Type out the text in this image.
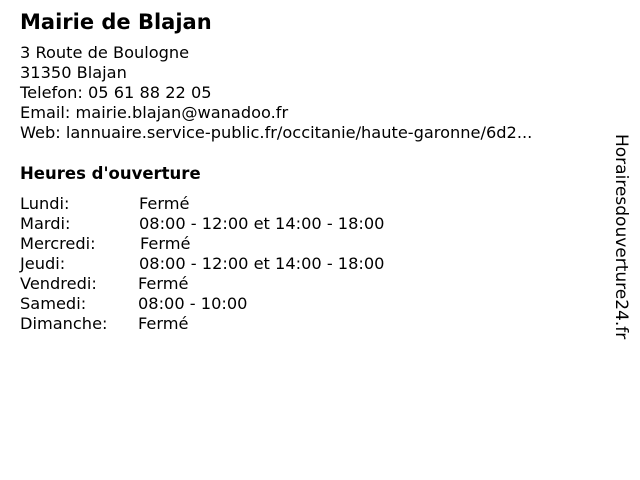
Mairie de Blajan
3 Route de Boulogne
31350 Blajan
Telefon: 05 61 88 22 05
Email: mairie.blajan@wanadoo.fr
Web: lannuaire.service-public.fr/occitanie/haute-garonne/6d2...
Heures d'ouverture
Lundi:	Fermé
Mardi:	08:00 - 12:00 et 14:00 - 18:00
Mercredi:	Fermé
Jeudi:	08:00 - 12:00 et 14:00 - 18:00
Vendredi:	Fermé
Samedi:	08:00 - 10:00
Dimanche: Fermé	Horairesdouverture24.fr
